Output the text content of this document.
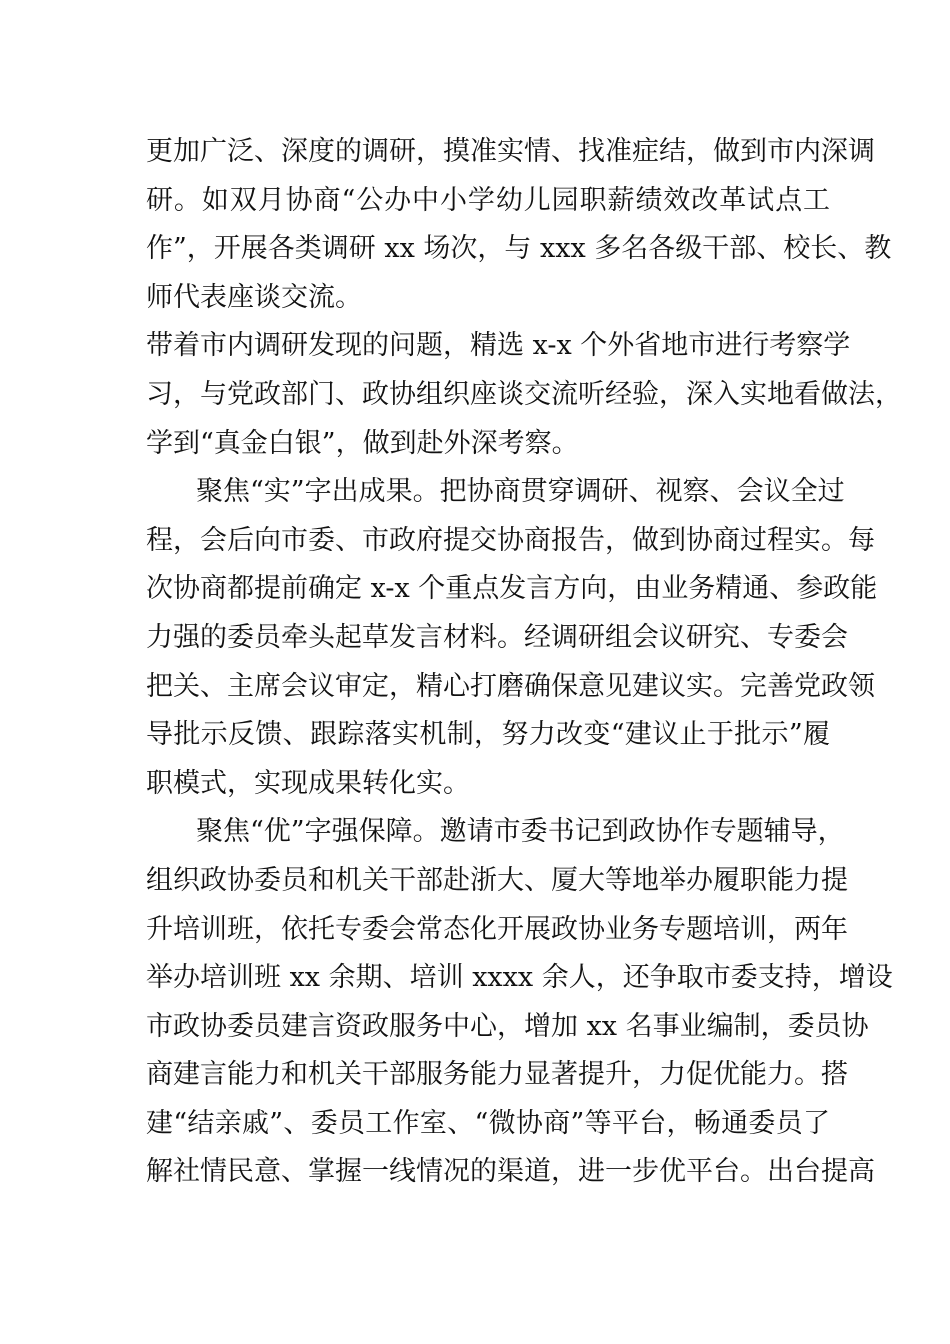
更加广泛、深度的调研，摸准实情、找准症结，做到市内深调
研。如双月协商“公办中小学幼儿园职薪绩效改革试点工
作”，开展各类调研 xx 场次，与 xxx 多名各级干部、校长、教
师代表座谈交流。
带着市内调研发现的问题，精选 x-x 个外省地市进行考察学
习，与党政部门、政协组织座谈交流听经验，深入实地看做法，
学到“真金白银”，做到赴外深考察。
聚焦“实”字出成果。把协商贯穿调研、视察、会议全过
程，会后向市委、市政府提交协商报告，做到协商过程实。每
次协商都提前确定 x-x 个重点发言方向，由业务精通、参政能
力强的委员牵头起草发言材料。经调研组会议研究、专委会
把关、主席会议审定，精心打磨确保意见建议实。完善党政领
导批示反馈、跟踪落实机制，努力改变“建议止于批示”履
职模式，实现成果转化实。
聚焦“优”字强保障。邀请市委书记到政协作专题辅导，
组织政协委员和机关干部赴浙大、厦大等地举办履职能力提
升培训班，依托专委会常态化开展政协业务专题培训，两年
举办培训班 xx 余期、培训 xxxx 余人，还争取市委支持，增设
市政协委员建言资政服务中心，增加 xx 名事业编制，委员协
商建言能力和机关干部服务能力显著提升，力促优能力。搭
建“结亲戚”、委员工作室、“微协商”等平台，畅通委员了
解社情民意、掌握一线情况的渠道，进一步优平台。出台提高
